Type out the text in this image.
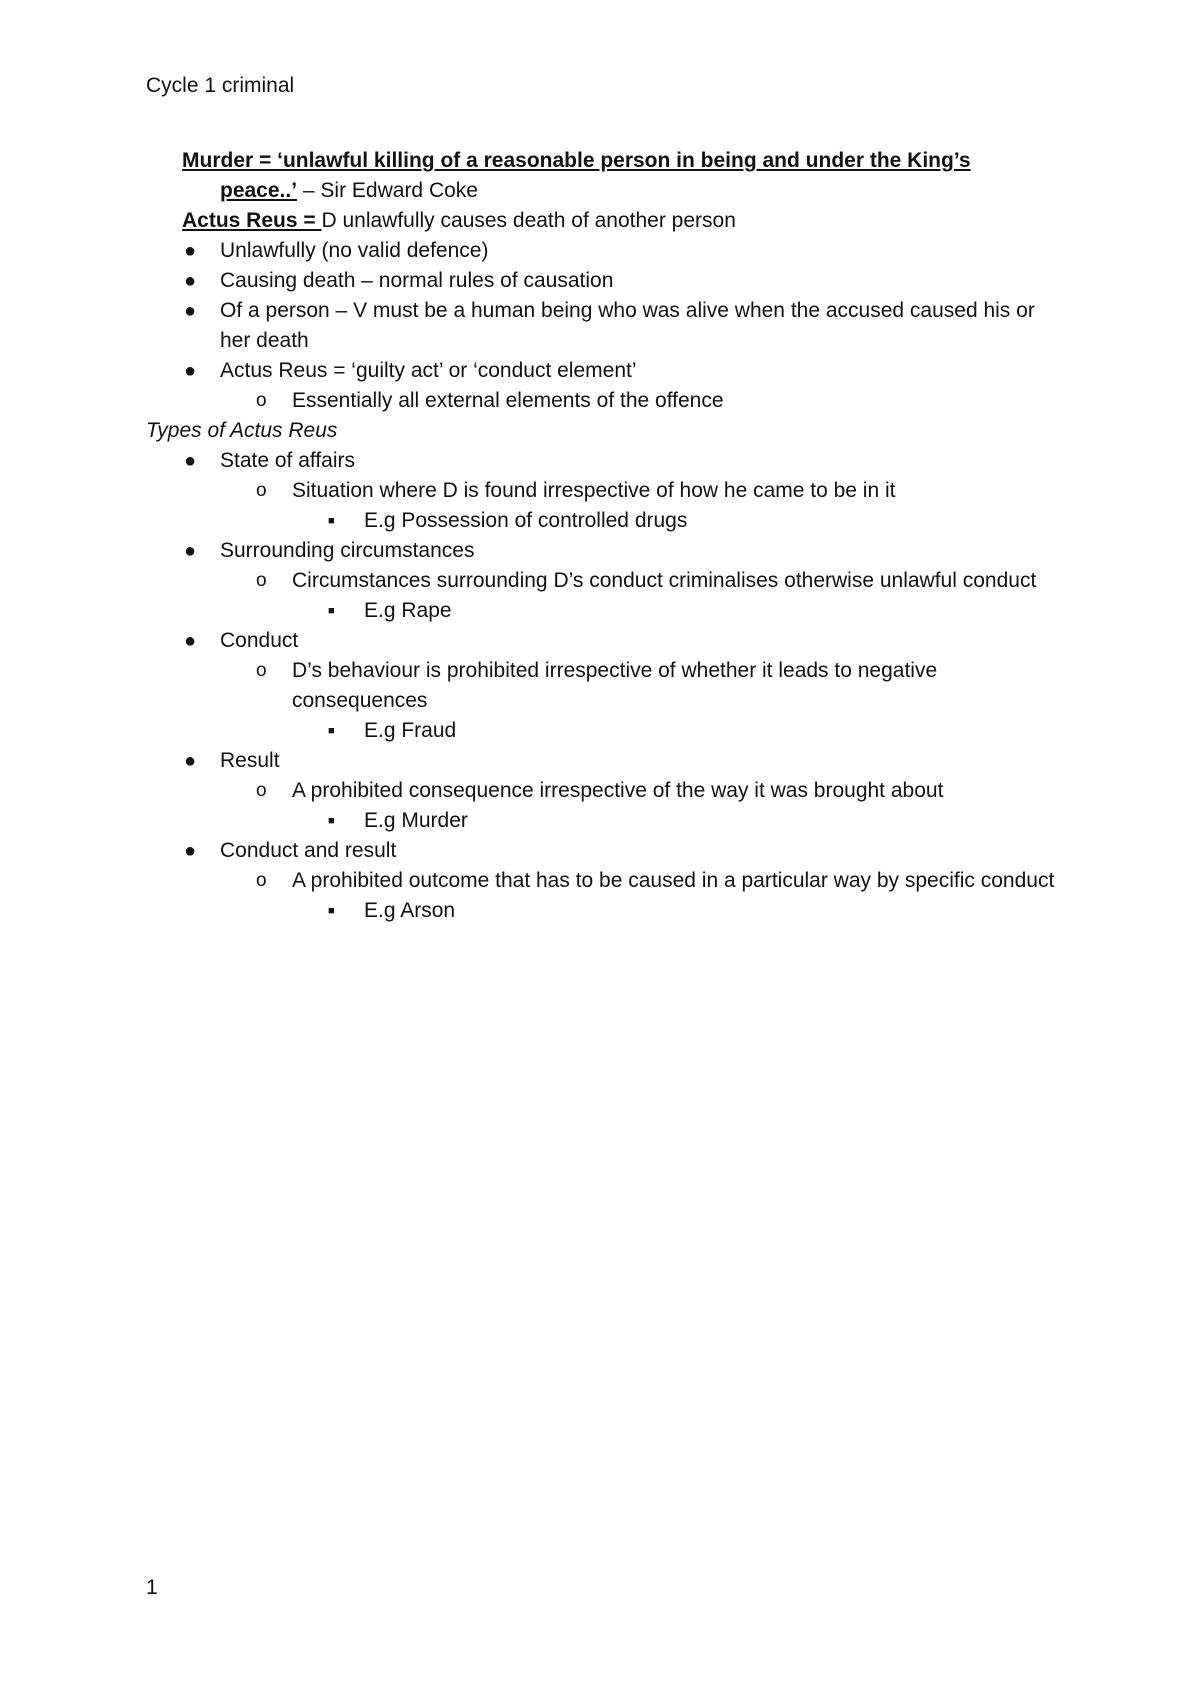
Cycle 1 criminal
Murder = ‘unlawful killing of a reasonable person in being and under the King’s
peace..’ – Sir Edward Coke
Actus Reus = D unlawfully causes death of another person
● Unlawfully (no valid defence)
● Causing death – normal rules of causation
● Of a person – V must be a human being who was alive when the accused caused his or her death
● Actus Reus = ‘guilty act’ or ‘conduct element’
o Essentially all external elements of the offence
Types of Actus Reus
● State of affairs
o Situation where D is found irrespective of how he came to be in it
■ E.g Possession of controlled drugs
● Surrounding circumstances
o Circumstances surrounding D’s conduct criminalises otherwise unlawful conduct
■ E.g Rape
● Conduct
o D’s behaviour is prohibited irrespective of whether it leads to negative consequences
■ E.g Fraud
● Result
o A prohibited consequence irrespective of the way it was brought about
■ E.g Murder
● Conduct and result
o A prohibited outcome that has to be caused in a particular way by specific conduct
■ E.g Arson
1
